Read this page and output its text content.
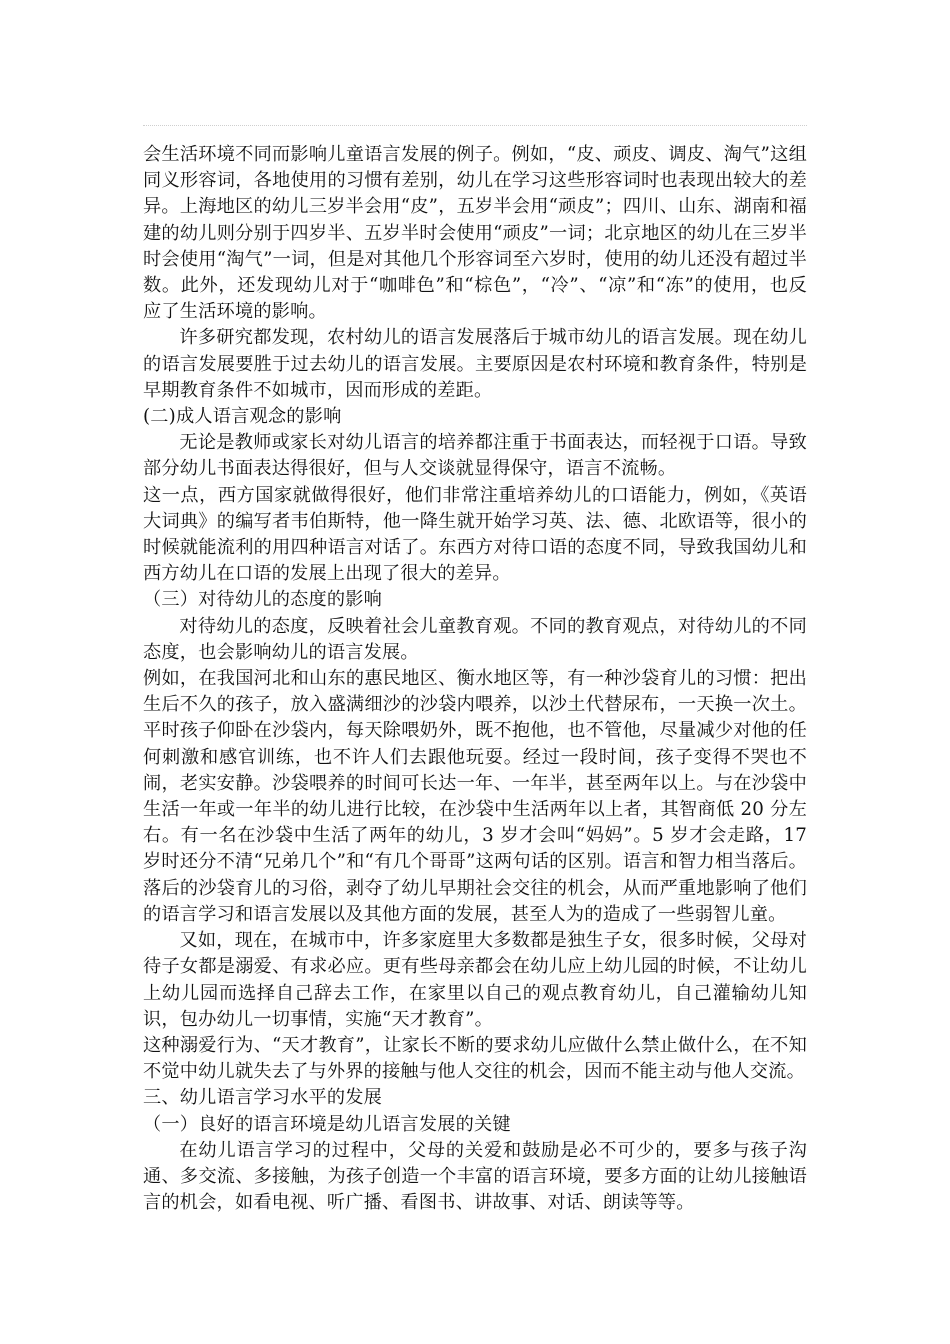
会生活环境不同而影响儿童语言发展的例子。例如，“皮、顽皮、调皮、淘气”这组同义形容词，各地使用的习惯有差别，幼儿在学习这些形容词时也表现出较大的差异。上海地区的幼儿三岁半会用“皮”，五岁半会用“顽皮”；四川、山东、湖南和福建的幼儿则分别于四岁半、五岁半时会使用“顽皮”一词；北京地区的幼儿在三岁半时会使用“淘气”一词，但是对其他几个形容词至六岁时，使用的幼儿还没有超过半数。此外，还发现幼儿对于“咖啡色”和“棕色”，“冷”、“凉”和“冻”的使用，也反应了生活环境的影响。

许多研究都发现，农村幼儿的语言发展落后于城市幼儿的语言发展。现在幼儿的语言发展要胜于过去幼儿的语言发展。主要原因是农村环境和教育条件，特别是早期教育条件不如城市，因而形成的差距。

(二)成人语言观念的影响

无论是教师或家长对幼儿语言的培养都注重于书面表达，而轻视于口语。导致部分幼儿书面表达得很好，但与人交谈就显得保守，语言不流畅。

这一点，西方国家就做得很好，他们非常注重培养幼儿的口语能力，例如，《英语大词典》的编写者韦伯斯特，他一降生就开始学习英、法、德、北欧语等，很小的时候就能流利的用四种语言对话了。东西方对待口语的态度不同，导致我国幼儿和西方幼儿在口语的发展上出现了很大的差异。

（三）对待幼儿的态度的影响

对待幼儿的态度，反映着社会儿童教育观。不同的教育观点，对待幼儿的不同态度，也会影响幼儿的语言发展。

例如，在我国河北和山东的惠民地区、衡水地区等，有一种沙袋育儿的习惯：把出生后不久的孩子，放入盛满细沙的沙袋内喂养，以沙土代替尿布，一天换一次土。平时孩子仰卧在沙袋内，每天除喂奶外，既不抱他，也不管他，尽量减少对他的任何刺激和感官训练，也不许人们去跟他玩耍。经过一段时间，孩子变得不哭也不闹，老实安静。沙袋喂养的时间可长达一年、一年半，甚至两年以上。与在沙袋中生活一年或一年半的幼儿进行比较，在沙袋中生活两年以上者，其智商低 20 分左右。有一名在沙袋中生活了两年的幼儿，3 岁才会叫“妈妈”。5 岁才会走路，17 岁时还分不清“兄弟几个”和“有几个哥哥”这两句话的区别。语言和智力相当落后。落后的沙袋育儿的习俗，剥夺了幼儿早期社会交往的机会，从而严重地影响了他们的语言学习和语言发展以及其他方面的发展，甚至人为的造成了一些弱智儿童。

又如，现在，在城市中，许多家庭里大多数都是独生子女，很多时候，父母对待子女都是溺爱、有求必应。更有些母亲都会在幼儿应上幼儿园的时候，不让幼儿上幼儿园而选择自己辞去工作，在家里以自己的观点教育幼儿，自己灌输幼儿知识，包办幼儿一切事情，实施“天才教育”。

这种溺爱行为、“天才教育”，让家长不断的要求幼儿应做什么禁止做什么，在不知不觉中幼儿就失去了与外界的接触与他人交往的机会，因而不能主动与他人交流。

三、幼儿语言学习水平的发展

（一）良好的语言环境是幼儿语言发展的关键

在幼儿语言学习的过程中，父母的关爱和鼓励是必不可少的，要多与孩子沟通、多交流、多接触，为孩子创造一个丰富的语言环境，要多方面的让幼儿接触语言的机会，如看电视、听广播、看图书、讲故事、对话、朗读等等。
